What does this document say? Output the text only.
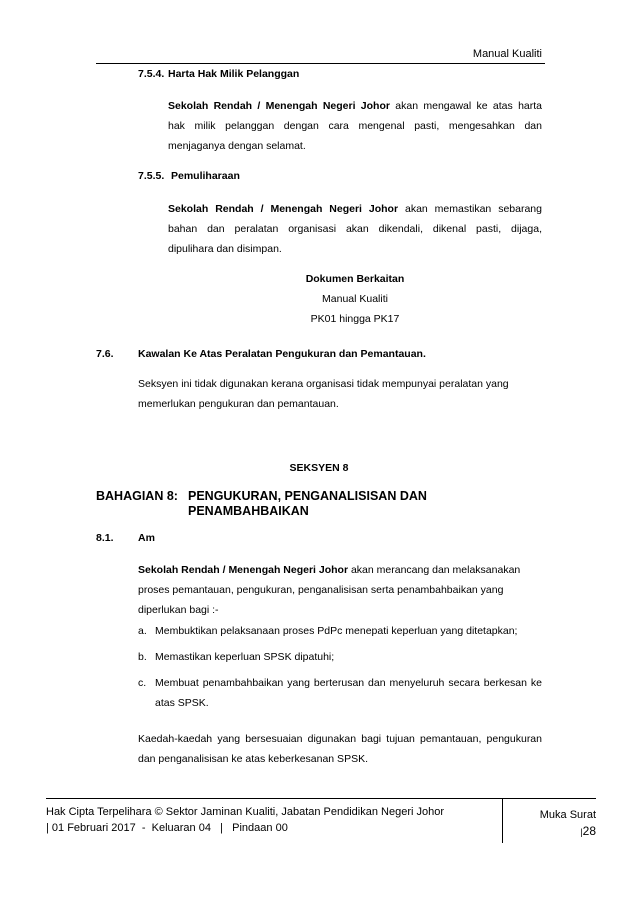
Manual Kualiti
7.5.4. Harta Hak Milik Pelanggan
Sekolah Rendah / Menengah Negeri Johor akan mengawal ke atas harta
hak milik pelanggan dengan cara mengenal pasti, mengesahkan dan
menjaganya dengan selamat.
7.5.5. Pemuliharaan
Sekolah Rendah / Menengah Negeri Johor akan memastikan sebarang
bahan dan peralatan organisasi akan dikendali, dikenal pasti, dijaga,
dipulihara dan disimpan.
Dokumen Berkaitan
Manual Kualiti
PK01 hingga PK17
7.6. Kawalan Ke Atas Peralatan Pengukuran dan Pemantauan.
Seksyen ini tidak digunakan kerana organisasi tidak mempunyai peralatan yang
memerlukan pengukuran dan pemantauan.
SEKSYEN 8
BAHAGIAN 8: PENGUKURAN, PENGANALISISAN DAN
PENAMBAHBAIKAN
8.1. Am
Sekolah Rendah / Menengah Negeri Johor akan merancang dan melaksanakan
proses pemantauan, pengukuran, penganalisisan serta penambahbaikan yang
diperlukan bagi :-
a. Membuktikan pelaksanaan proses PdPc menepati keperluan yang ditetapkan;
b. Memastikan keperluan SPSK dipatuhi;
c. Membuat penambahbaikan yang berterusan dan menyeluruh secara berkesan ke
atas SPSK.
Kaedah-kaedah yang bersesuaian digunakan bagi tujuan pemantauan, pengukuran
dan penganalisisan ke atas keberkesanan SPSK.
Hak Cipta Terpelihara © Sektor Jaminan Kualiti, Jabatan Pendidikan Negeri Johor
| 01 Februari 2017 - Keluaran 04 | Pindaan 00
Muka Surat
|28
